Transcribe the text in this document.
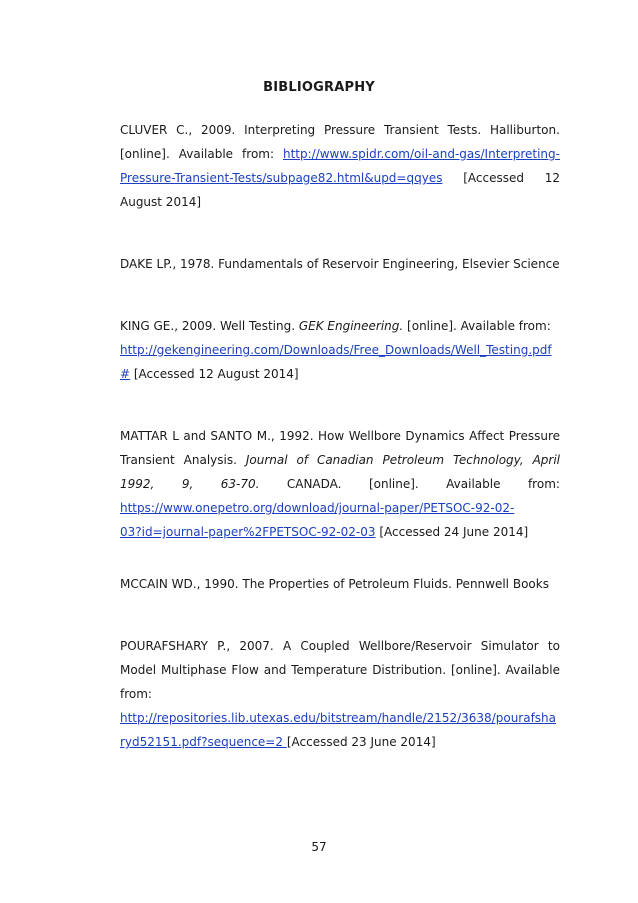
BIBLIOGRAPHY
CLUVER C., 2009. Interpreting Pressure Transient Tests. Halliburton.
[online]. Available from: http://www.spidr.com/oil-and-gas/Interpreting-
Pressure-Transient-Tests/subpage82.html&upd=qqyes [Accessed 12
August 2014]
DAKE LP., 1978. Fundamentals of Reservoir Engineering, Elsevier Science
KING GE., 2009. Well Testing. GEK Engineering. [online]. Available from:
http://gekengineering.com/Downloads/Free_Downloads/Well_Testing.pdf
# [Accessed 12 August 2014]
MATTAR L and SANTO M., 1992. How Wellbore Dynamics Affect Pressure
Transient Analysis. Journal of Canadian Petroleum Technology, April
1992, 9, 63-70. CANADA. [online]. Available from:
https://www.onepetro.org/download/journal-paper/PETSOC-92-02-
03?id=journal-paper%2FPETSOC-92-02-03 [Accessed 24 June 2014]
MCCAIN WD., 1990. The Properties of Petroleum Fluids. Pennwell Books
POURAFSHARY P., 2007. A Coupled Wellbore/Reservoir Simulator to
Model Multiphase Flow and Temperature Distribution. [online]. Available
from:
http://repositories.lib.utexas.edu/bitstream/handle/2152/3638/pourafsha
ryd52151.pdf?sequence=2 [Accessed 23 June 2014]
57
